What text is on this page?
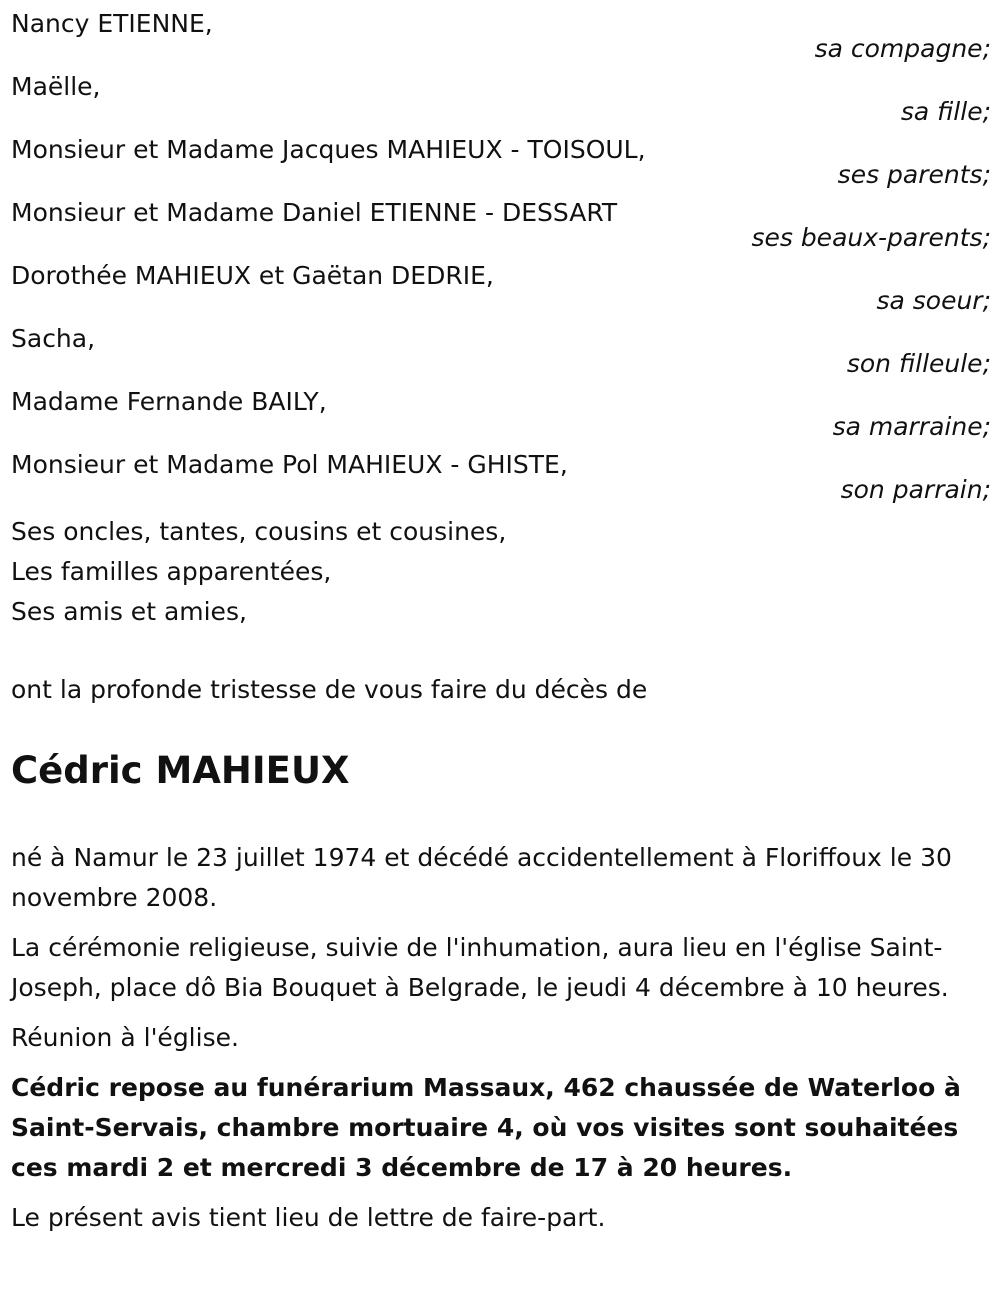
Nancy ETIENNE,
sa compagne;
Maëlle,
sa fille;
Monsieur et Madame Jacques MAHIEUX - TOISOUL,
ses parents;
Monsieur et Madame Daniel ETIENNE - DESSART
ses beaux-parents;
Dorothée MAHIEUX et Gaëtan DEDRIE,
sa soeur;
Sacha,
son filleule;
Madame Fernande BAILY,
sa marraine;
Monsieur et Madame Pol MAHIEUX - GHISTE,
son parrain;
Ses oncles, tantes, cousins et cousines,
Les familles apparentées,
Ses amis et amies,
ont la profonde tristesse de vous faire du décès de
Cédric MAHIEUX

né à Namur le 23 juillet 1974 et décédé accidentellement à Floriffoux le 30 novembre 2008.

La cérémonie religieuse, suivie de l'inhumation, aura lieu en l'église Saint-Joseph, place dô Bia Bouquet à Belgrade, le jeudi 4 décembre à 10 heures.

Réunion à l'église.

Cédric repose au funérarium Massaux, 462 chaussée de Waterloo à Saint-Servais, chambre mortuaire 4, où vos visites sont souhaitées ces mardi 2 et mercredi 3 décembre de 17 à 20 heures.

Le présent avis tient lieu de lettre de faire-part.
